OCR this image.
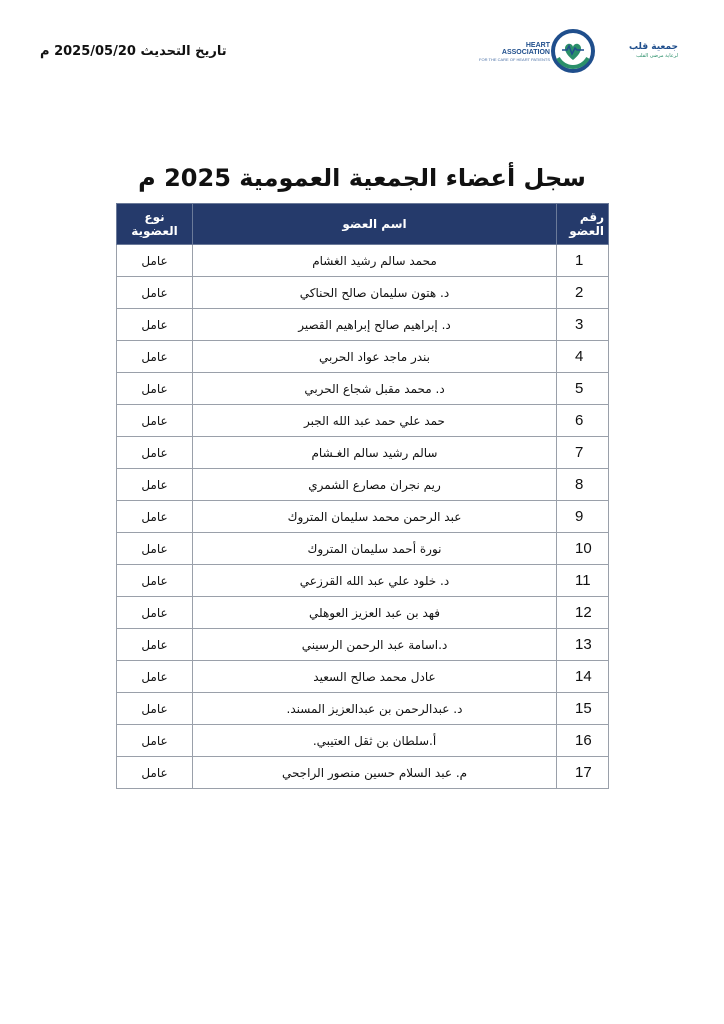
تاريخ التحديث 2025/05/20 م	HEART ASSOCIATION
FOR THE CARE OF HEART PATIENTS
جمعية قلب
لرعاية مرضى القلب
سجل أعضاء الجمعية العمومية 2025 م
رقم العضو	اسم العضو	نوع العضوية
1	محمد سالم رشيد الغشام	عامل
2	د. هتون سليمان صالح الحناكي	عامل
3	د. إبراهيم صالح إبراهيم القصير	عامل
4	بندر ماجد عواد الحربي	عامل
5	د. محمد مقبل شجاع الحربي	عامل
6	حمد علي حمد عبد الله الجبر	عامل
7	سالم رشيد سالم الغـشام	عامل
8	ريم نجران مصارع الشمري	عامل
9	عبد الرحمن محمد سليمان المتروك	عامل
10	نورة أحمد سليمان المتروك	عامل
11	د. خلود علي عبد الله القرزعي	عامل
12	فهد بن عبد العزيز العوهلي	عامل
13	د.اسامة عبد الرحمن الرسيني	عامل
14	عادل محمد صالح السعيد	عامل
15	د. عبدالرحمن بن عبدالعزيز المسند.	عامل
16	أ.سلطان بن ثقل العتيبي.	عامل
17	م. عبد السلام حسين منصور الراجحي	عامل
